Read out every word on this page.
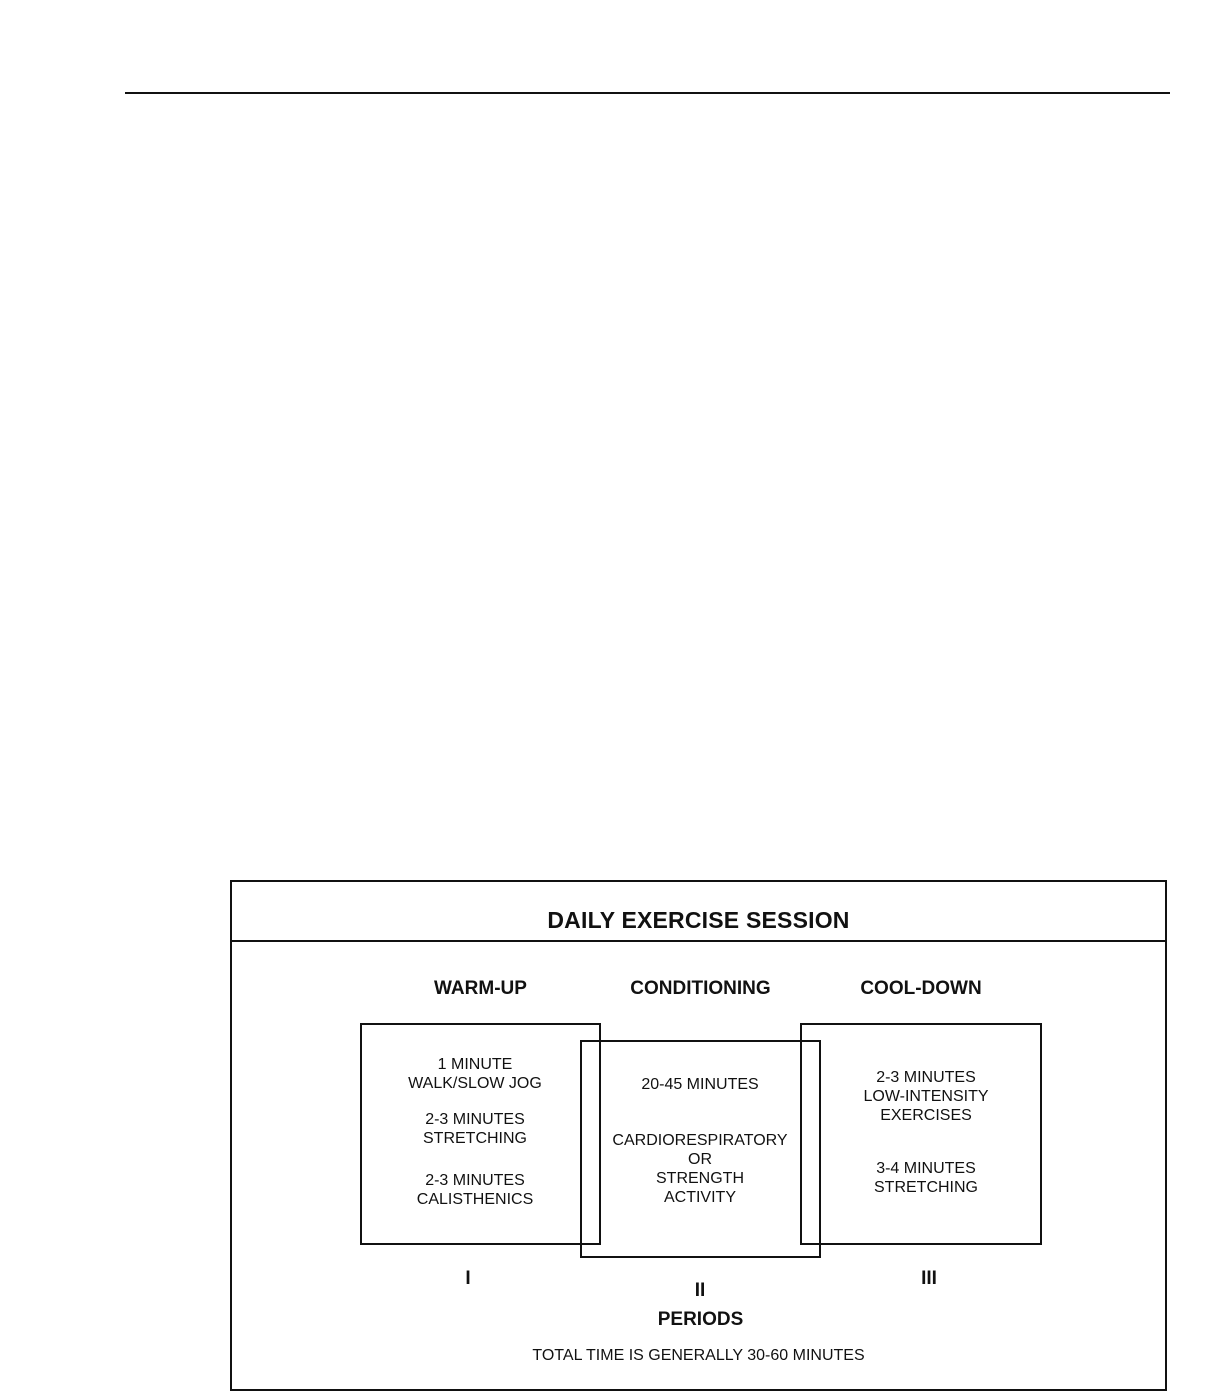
DAILY EXERCISE SESSION
WARM-UP	CONDITIONING	COOL-DOWN
1 MINUTE
WALK/SLOW JOG
2-3 MINUTES
STRETCHING
2-3 MINUTES
CALISTHENICS
20-45 MINUTES
CARDIORESPIRATORY
OR
STRENGTH
ACTIVITY
2-3 MINUTES
LOW-INTENSITY
EXERCISES
3-4 MINUTES
STRETCHING
I
II
III
PERIODS
TOTAL TIME IS GENERALLY 30-60 MINUTES
